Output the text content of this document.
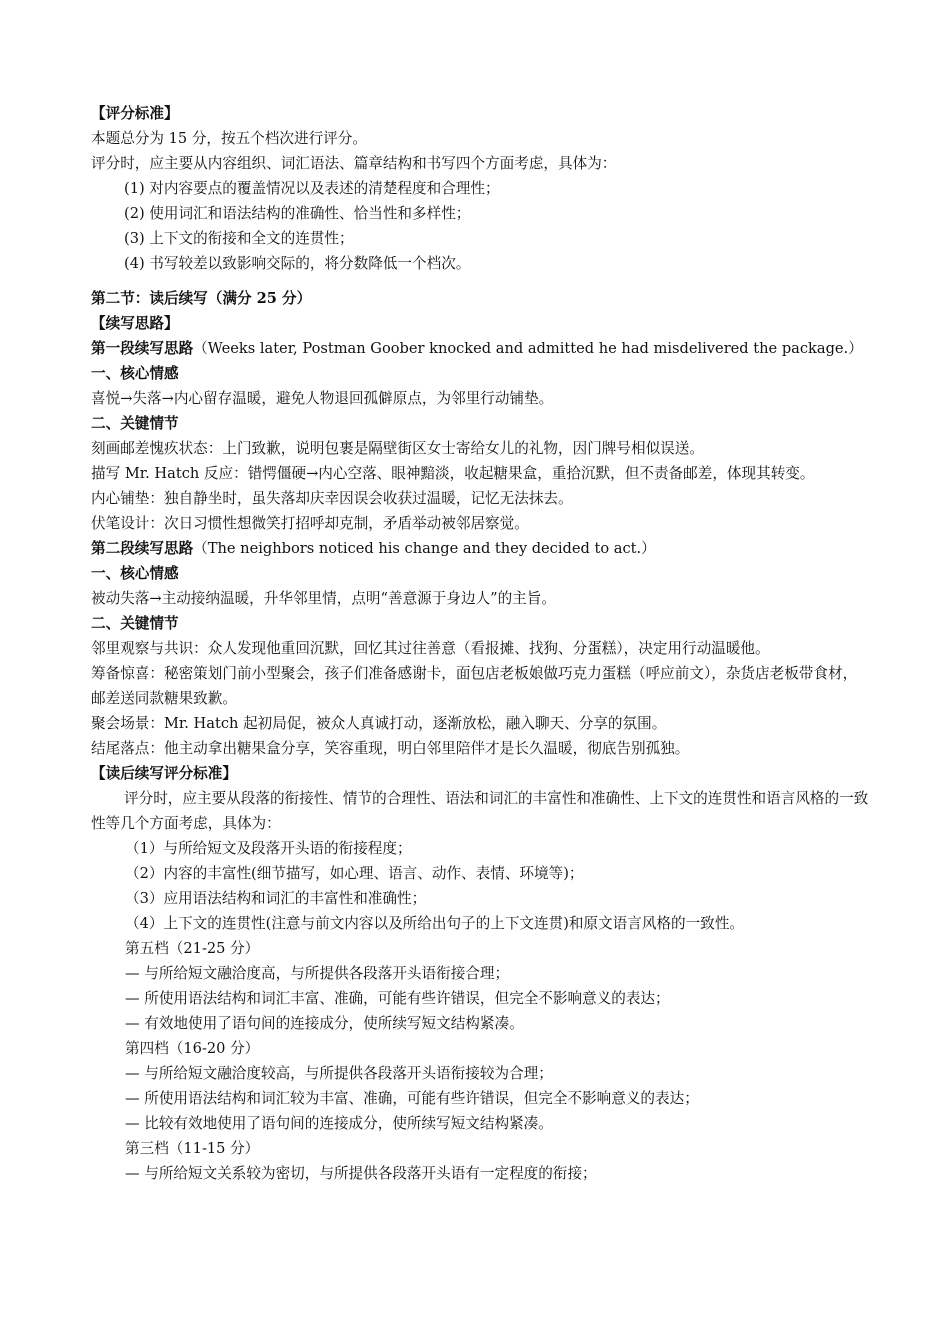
【评分标准】
本题总分为 15 分，按五个档次进行评分。
评分时，应主要从内容组织、词汇语法、篇章结构和书写四个方面考虑，具体为：
(1) 对内容要点的覆盖情况以及表述的清楚程度和合理性；
(2) 使用词汇和语法结构的准确性、恰当性和多样性；
(3) 上下文的衔接和全文的连贯性；
(4) 书写较差以致影响交际的，将分数降低一个档次。
第二节：读后续写（满分 25 分）
【续写思路】
第一段续写思路（Weeks later, Postman Goober knocked and admitted he had misdelivered the package.）
一、核心情感
喜悦→失落→内心留存温暖，避免人物退回孤僻原点，为邻里行动铺垫。
二、关键情节
刻画邮差愧疚状态：上门致歉，说明包裹是隔壁街区女士寄给女儿的礼物，因门牌号相似误送。
描写 Mr. Hatch 反应：错愕僵硬→内心空落、眼神黯淡，收起糖果盒，重拾沉默，但不责备邮差，体现其转变。
内心铺垫：独自静坐时，虽失落却庆幸因误会收获过温暖，记忆无法抹去。
伏笔设计：次日习惯性想微笑打招呼却克制，矛盾举动被邻居察觉。
第二段续写思路（The neighbors noticed his change and they decided to act.）
一、核心情感
被动失落→主动接纳温暖，升华邻里情，点明“善意源于身边人”的主旨。
二、关键情节
邻里观察与共识：众人发现他重回沉默，回忆其过往善意（看报摊、找狗、分蛋糕），决定用行动温暖他。
筹备惊喜：秘密策划门前小型聚会，孩子们准备感谢卡，面包店老板娘做巧克力蛋糕（呼应前文），杂货店老板带食材，邮差送同款糖果致歉。
聚会场景：Mr. Hatch 起初局促，被众人真诚打动，逐渐放松，融入聊天、分享的氛围。
结尾落点：他主动拿出糖果盒分享，笑容重现，明白邻里陪伴才是长久温暖，彻底告别孤独。
【读后续写评分标准】
评分时，应主要从段落的衔接性、情节的合理性、语法和词汇的丰富性和准确性、上下文的连贯性和语言风格的一致性等几个方面考虑，具体为：
（1）与所给短文及段落开头语的衔接程度；
（2）内容的丰富性(细节描写，如心理、语言、动作、表情、环境等)；
（3）应用语法结构和词汇的丰富性和准确性；
（4）上下文的连贯性(注意与前文内容以及所给出句子的上下文连贯)和原文语言风格的一致性。
第五档（21-25 分）
— 与所给短文融洽度高，与所提供各段落开头语衔接合理；
— 所使用语法结构和词汇丰富、准确，可能有些许错误，但完全不影响意义的表达；
— 有效地使用了语句间的连接成分，使所续写短文结构紧凑。
第四档（16-20 分）
— 与所给短文融洽度较高，与所提供各段落开头语衔接较为合理；
— 所使用语法结构和词汇较为丰富、准确，可能有些许错误，但完全不影响意义的表达；
— 比较有效地使用了语句间的连接成分，使所续写短文结构紧凑。
第三档（11-15 分）
— 与所给短文关系较为密切，与所提供各段落开头语有一定程度的衔接；
